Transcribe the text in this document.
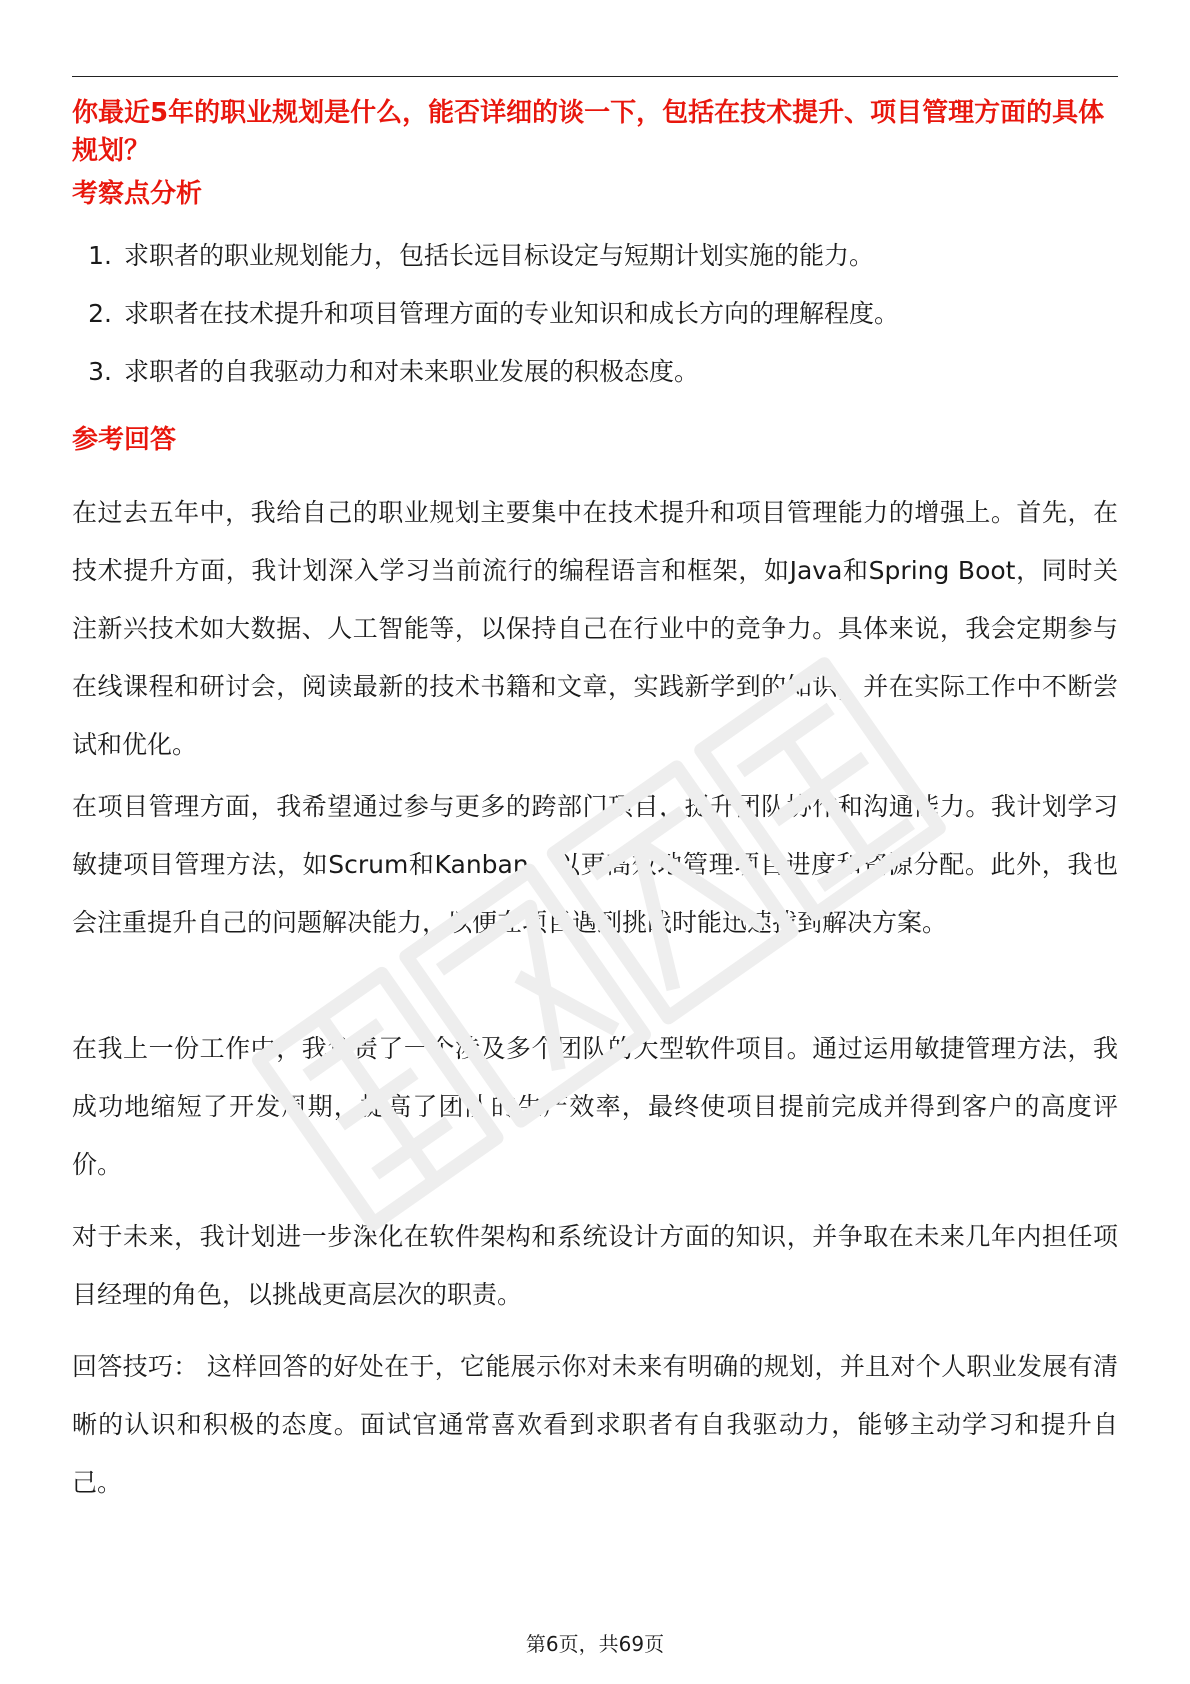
你最近5年的职业规划是什么，能否详细的谈一下，包括在技术提升、项目管理方面的具体规划？

考察点分析
1. 求职者的职业规划能力，包括长远目标设定与短期计划实施的能力。
2. 求职者在技术提升和项目管理方面的专业知识和成长方向的理解程度。
3. 求职者的自我驱动力和对未来职业发展的积极态度。
参考回答

在过去五年中，我给自己的职业规划主要集中在技术提升和项目管理能力的增强上。首先，在技术提升方面，我计划深入学习当前流行的编程语言和框架，如Java和Spring Boot，同时关注新兴技术如大数据、人工智能等，以保持自己在行业中的竞争力。具体来说，我会定期参与在线课程和研讨会，阅读最新的技术书籍和文章，实践新学到的知识，并在实际工作中不断尝试和优化。

在项目管理方面，我希望通过参与更多的跨部门项目，提升团队协作和沟通能力。我计划学习敏捷项目管理方法，如Scrum和Kanban，以更高效地管理项目进度和资源分配。此外，我也会注重提升自己的问题解决能力，以便在项目遇到挑战时能迅速找到解决方案。

在我上一份工作中，我负责了一个涉及多个团队的大型软件项目。通过运用敏捷管理方法，我成功地缩短了开发周期，提高了团队的生产效率，最终使项目提前完成并得到客户的高度评价。

对于未来，我计划进一步深化在软件架构和系统设计方面的知识，并争取在未来几年内担任项目经理的角色，以挑战更高层次的职责。

回答技巧： 这样回答的好处在于，它能展示你对未来有明确的规划，并且对个人职业发展有清晰的认识和积极的态度。面试官通常喜欢看到求职者有自我驱动力，能够主动学习和提升自己。

第6页，共69页
